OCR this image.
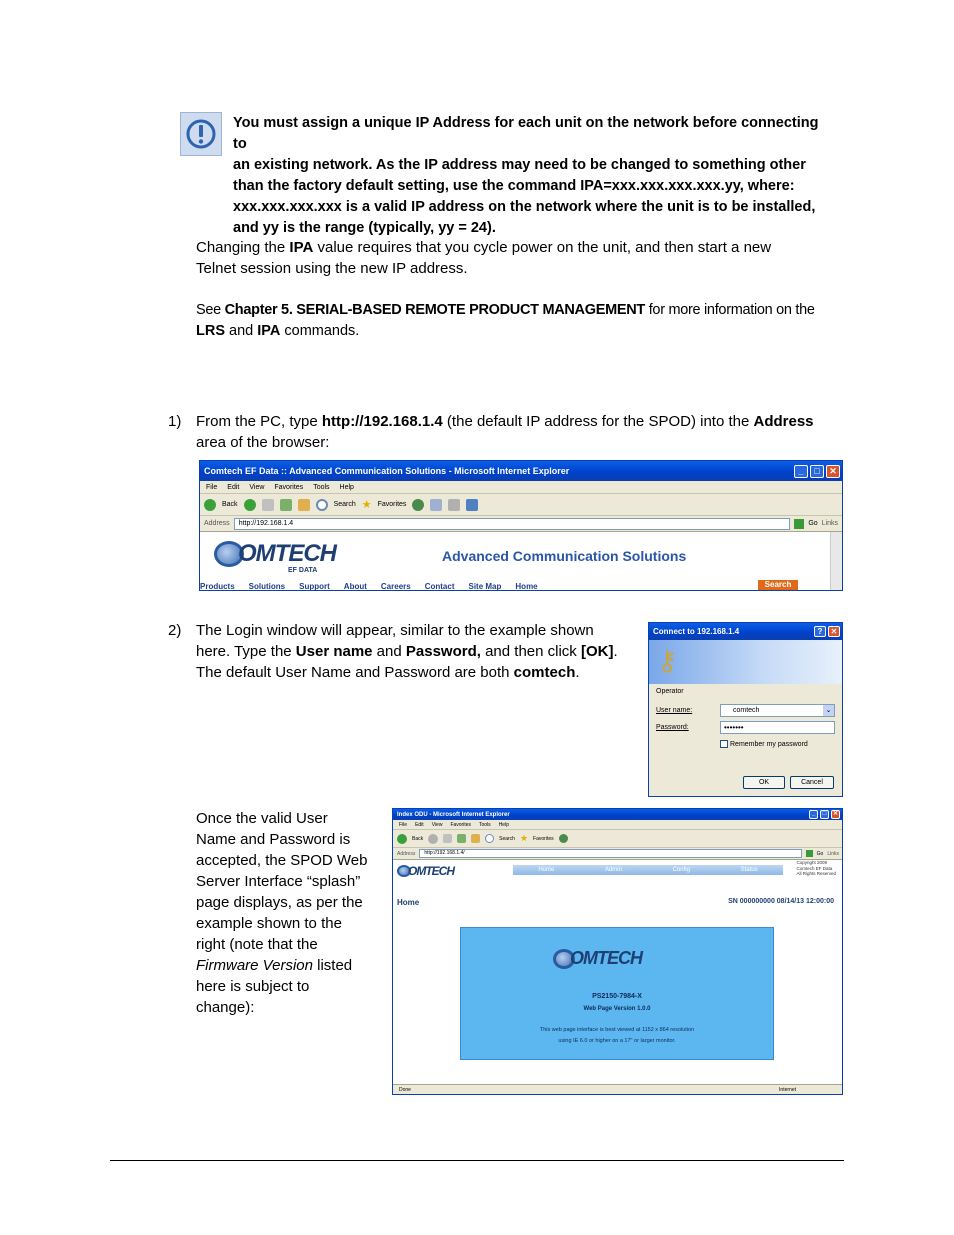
You must assign a unique IP Address for each unit on the network before connecting to
an existing network. As the IP address may need to be changed to something other
than the factory default setting, use the command IPA=xxx.xxx.xxx.xxx.yy, where:
xxx.xxx.xxx.xxx is a valid IP address on the network where the unit is to be installed,
and yy is the range (typically, yy = 24).
Changing the IPA value requires that you cycle power on the unit, and then start a new
Telnet session using the new IP address.
See Chapter 5. SERIAL-BASED REMOTE PRODUCT MANAGEMENT for more information on the
LRS and IPA commands.
1) From the PC, type http://192.168.1.4 (the default IP address for the SPOD) into the Address
area of the browser:
Comtech EF Data :: Advanced Communication Solutions - Microsoft Internet Explorer	_	□	✕
File Edit View Favorites Tools Help
Back	Search ★ Favorites
Address	http://192.168.1.4	Go Links
OMTECH
EF DATA
Advanced Communication Solutions
Products Solutions Support About Careers Contact Site Map Home	Search
2) The Login window will appear, similar to the example shown
here. Type the User name and Password, and then click [OK].
The default User Name and Password are both comtech.
Connect to 192.168.1.4	?	✕
⚷
Operator
User name:	comtech	⌄
Password:	•••••••
Remember my password
OK	Cancel
Once the valid User
Name and Password is
accepted, the SPOD Web
Server Interface “splash”
page displays, as per the
example shown to the
right (note that the
Firmware Version listed
here is subject to
change):
Index ODU - Microsoft Internet Explorer	_	□	✕
File Edit View Favorites Tools Help
Back	Search ★ Favorites
Address	http://192.168.1.4/	Go Links
OMTECH	Home	Admin	Config	Status
Copyright 2009
Comtech EF Data
All Rights Reserved
Home	SN 000000000 08/14/13 12:00:00
OMTECH
PS2150-7984-X
Web Page Version 1.0.0
This web page interface is best viewed at 1152 x 864 resolution
using IE 6.0 or higher on a 17" or larger monitor.
Done	Internet
